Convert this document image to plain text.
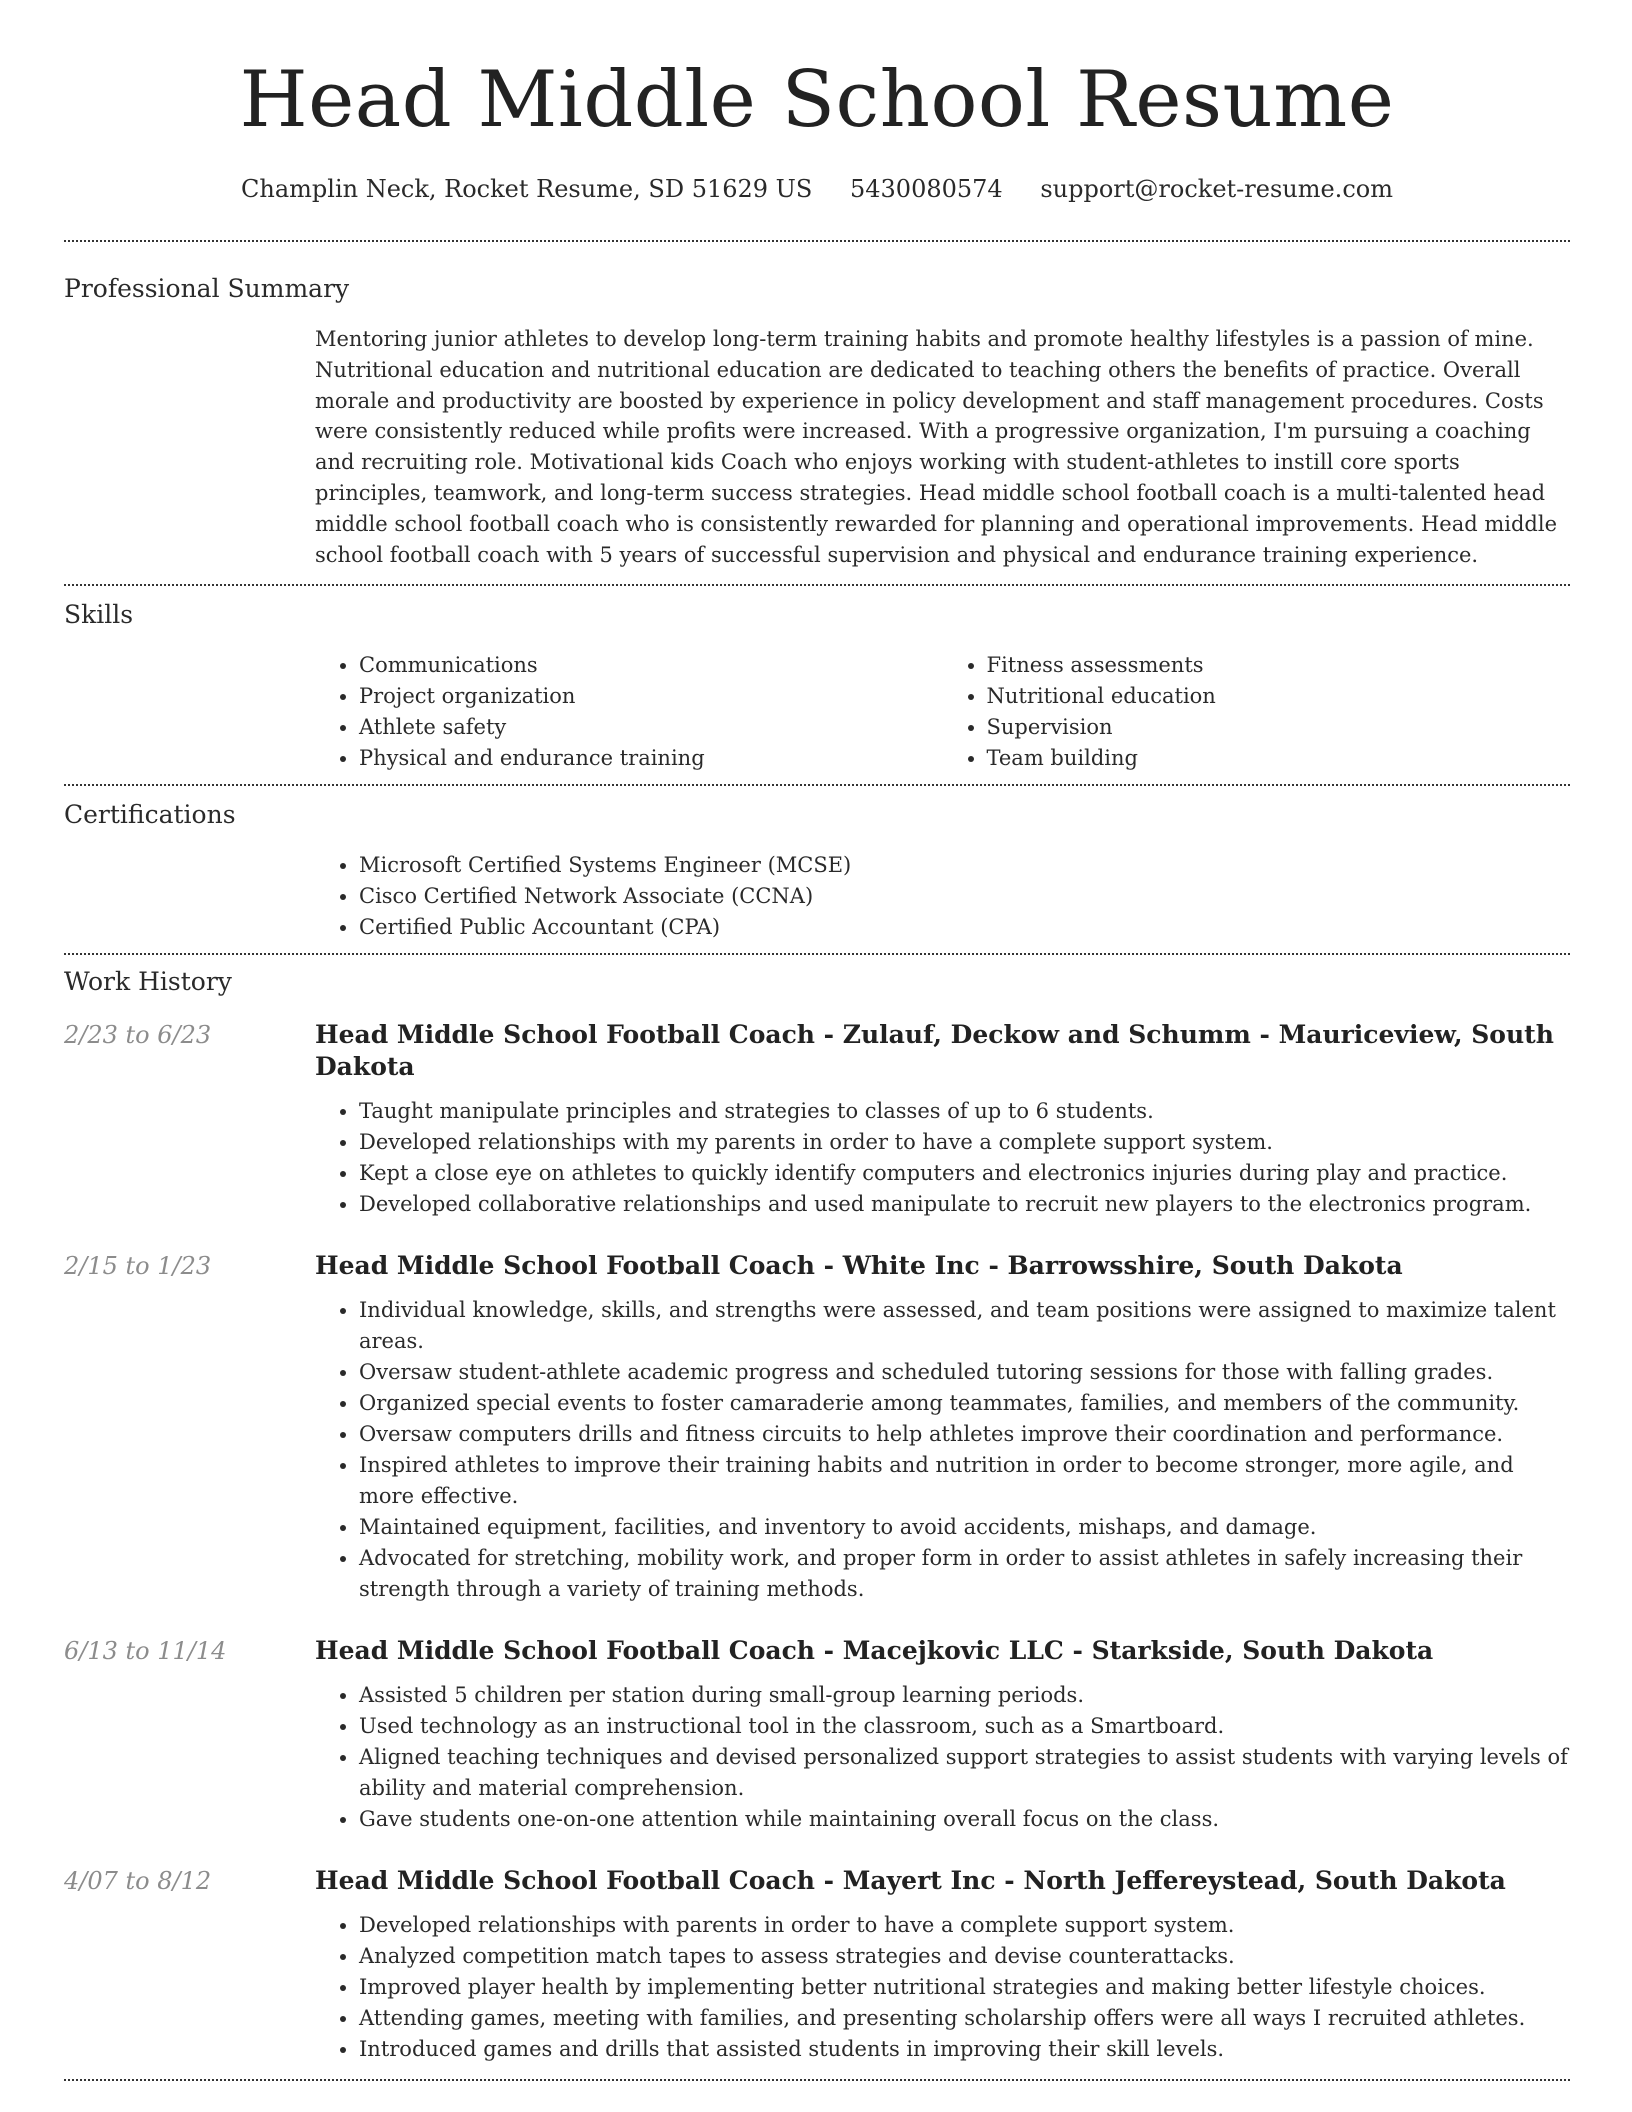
Head Middle School Resume
Champlin Neck, Rocket Resume, SD 51629 US 5430080574 support@rocket-resume.com
Professional Summary

Mentoring junior athletes to develop long-term training habits and promote healthy lifestyles is a passion of mine. Nutritional education and nutritional education are dedicated to teaching others the benefits of practice. Overall morale and productivity are boosted by experience in policy development and staff management procedures. Costs were consistently reduced while profits were increased. With a progressive organization, I'm pursuing a coaching and recruiting role. Motivational kids Coach who enjoys working with student-athletes to instill core sports principles, teamwork, and long-term success strategies. Head middle school football coach is a multi-talented head middle school football coach who is consistently rewarded for planning and operational improvements. Head middle school football coach with 5 years of successful supervision and physical and endurance training experience.

Skills
• Communications
• Project organization
• Athlete safety
• Physical and endurance training
• Fitness assessments
• Nutritional education
• Supervision
• Team building
Certifications
• Microsoft Certified Systems Engineer (MCSE)
• Cisco Certified Network Associate (CCNA)
• Certified Public Accountant (CPA)
Work History
2/23 to 6/23	Head Middle School Football Coach - Zulauf, Deckow and Schumm - Mauriceview, South Dakota
• Taught manipulate principles and strategies to classes of up to 6 students.
• Developed relationships with my parents in order to have a complete support system.
• Kept a close eye on athletes to quickly identify computers and electronics injuries during play and practice.
• Developed collaborative relationships and used manipulate to recruit new players to the electronics program.
2/15 to 1/23	Head Middle School Football Coach - White Inc - Barrowsshire, South Dakota
• Individual knowledge, skills, and strengths were assessed, and team positions were assigned to maximize talent areas.
• Oversaw student-athlete academic progress and scheduled tutoring sessions for those with falling grades.
• Organized special events to foster camaraderie among teammates, families, and members of the community.
• Oversaw computers drills and fitness circuits to help athletes improve their coordination and performance.
• Inspired athletes to improve their training habits and nutrition in order to become stronger, more agile, and more effective.
• Maintained equipment, facilities, and inventory to avoid accidents, mishaps, and damage.
• Advocated for stretching, mobility work, and proper form in order to assist athletes in safely increasing their strength through a variety of training methods.
6/13 to 11/14	Head Middle School Football Coach - Macejkovic LLC - Starkside, South Dakota
• Assisted 5 children per station during small-group learning periods.
• Used technology as an instructional tool in the classroom, such as a Smartboard.
• Aligned teaching techniques and devised personalized support strategies to assist students with varying levels of ability and material comprehension.
• Gave students one-on-one attention while maintaining overall focus on the class.
4/07 to 8/12	Head Middle School Football Coach - Mayert Inc - North Jeffereystead, South Dakota
• Developed relationships with parents in order to have a complete support system.
• Analyzed competition match tapes to assess strategies and devise counterattacks.
• Improved player health by implementing better nutritional strategies and making better lifestyle choices.
• Attending games, meeting with families, and presenting scholarship offers were all ways I recruited athletes.
• Introduced games and drills that assisted students in improving their skill levels.
